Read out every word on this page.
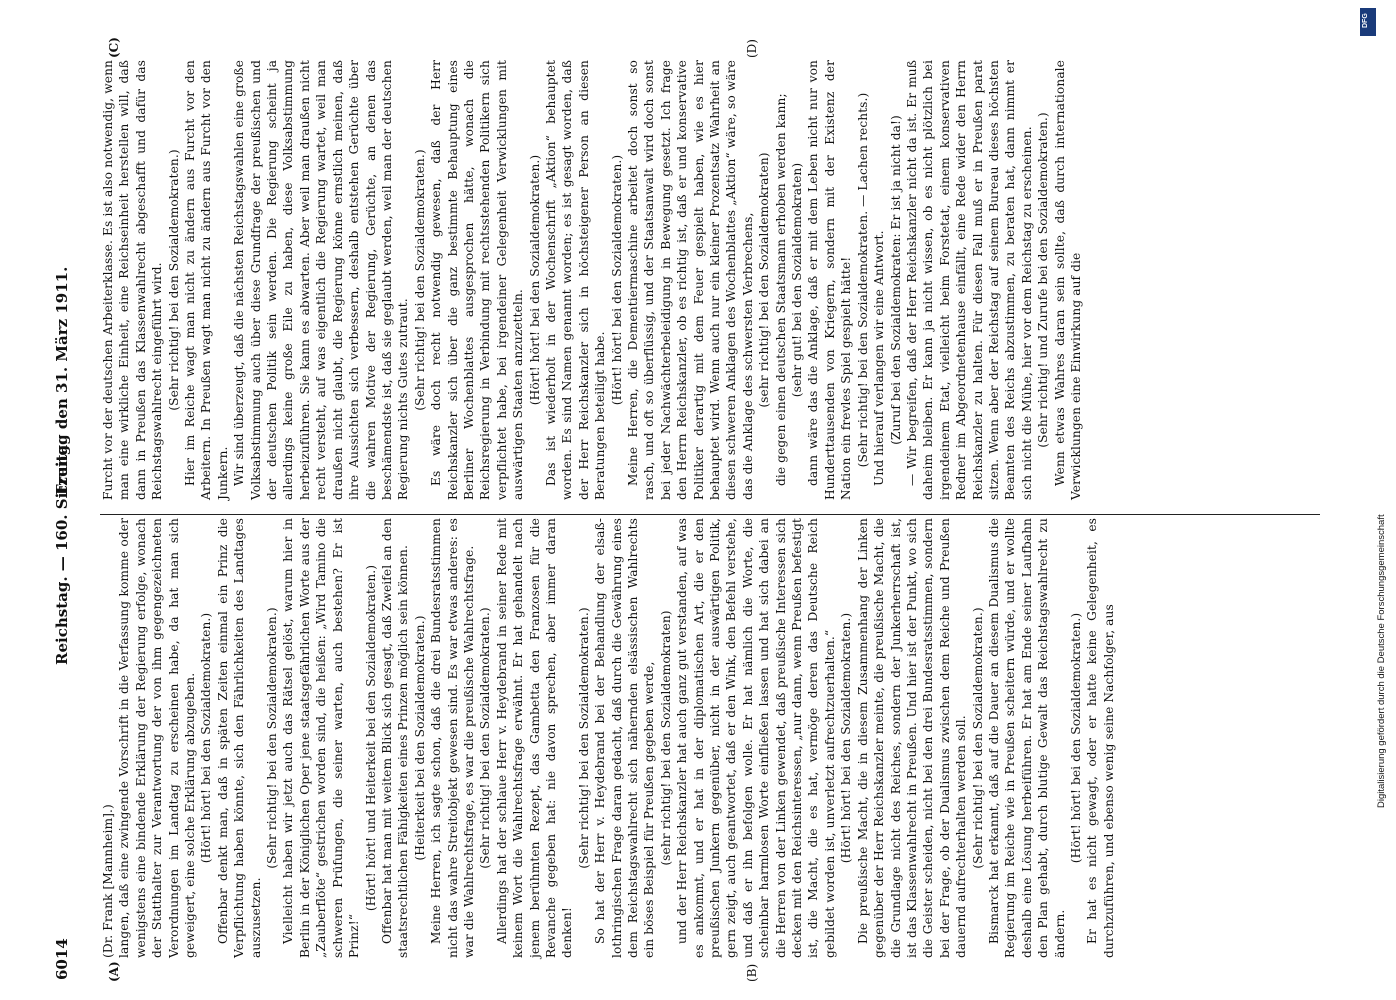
6014
Reichstag. — 160. Sitzung.
Freitag den 31. März 1911.
(A)	(B)
(C)	(D)

(Dr. Frank [Mannheim].) langen, daß eine zwingende Vorschrift in die Verfassung komme oder wenigstens eine bindende Erklärung der Regierung erfolge, wonach der Statthalter zur Verantwortung der von ihm gegengezeichneten Verordnungen im Landtag zu erscheinen habe, da hat man sich geweigert, eine solche Erklärung abzugeben. (Hört! hört! bei den Sozialdemokraten.) Offenbar denkt man, daß in späten Zeiten einmal ein Prinz die Verpflichtung haben könnte, sich den Fährlichkeiten des Landtages auszusetzen.

(Sehr richtig! bei den Sozialdemokraten.) Vielleicht haben wir jetzt auch das Rätsel gelöst, warum hier in Berlin in der Königlichen Oper jene staatsgefährlichen Worte aus der „Zauberflöte“ gestrichen worden sind, die heißen: „Wird Tamino die schweren Prüfungen, die seiner warten, auch bestehen? Er ist Prinz!“

(Hört! hört! und Heiterkeit bei den Sozialdemokraten.) Offenbar hat man mit weitem Blick sich gesagt, daß Zweifel an den staatsrechtlichen Fähigkeiten eines Prinzen möglich sein können. (Heiterkeit bei den Sozialdemokraten.) Meine Herren, ich sagte schon, daß die drei Bundesratsstimmen nicht das wahre Streitobjekt gewesen sind. Es war etwas anderes: es war die Wahlrechtsfrage, es war die preußische Wahlrechtsfrage. (Sehr richtig! bei den Sozialdemokraten.) Allerdings hat der schlaue Herr v. Heydebrand in seiner Rede mit keinem Wort die Wahlrechtsfrage erwähnt. Er hat gehandelt nach jenem berühmten Rezept, das Gambetta den Franzosen für die Revanche gegeben hat: nie davon sprechen, aber immer daran denken!

(Sehr richtig! bei den Sozialdemokraten.) So hat der Herr v. Heydebrand bei der Behandlung der elsaß-lothringischen Frage daran gedacht, daß durch die Gewährung eines dem Reichstagswahlrecht sich nähernden elsässischen Wahlrechts ein böses Beispiel für Preußen gegeben werde, (sehr richtig! bei den Sozialdemokraten) und der Herr Reichskanzler hat auch ganz gut verstanden, auf was es ankommt, und er hat in der diplomatischen Art, die er den preußischen Junkern gegenüber, nicht in der auswärtigen Politik, gern zeigt, auch geantwortet, daß er den Wink, den Befehl verstehe, und daß er ihn befolgen wolle. Er hat nämlich die Worte, die scheinbar harmlosen Worte einfließen lassen und hat sich dabei an die Herren von der Linken gewendet, daß preußische Interessen sich decken mit den Reichsinteressen, „nur dann, wenn Preußen befestigt ist, die Macht, die es hat, vermöge deren das Deutsche Reich gebildet worden ist, unverletzt aufrechtzuerhalten.“ (Hört! hört! bei den Sozialdemokraten.) Die preußische Macht, die in diesem Zusammenhang der Linken gegenüber der Herr Reichskanzler meinte, die preußische Macht, die die Grundlage nicht des Reiches, sondern der Junkerherrschaft ist, ist das Klassenwahlrecht in Preußen. Und hier ist der Punkt, wo sich die Geister scheiden, nicht bei den drei Bundesratsstimmen, sondern bei der Frage, ob der Dualismus zwischen dem Reiche und Preußen dauernd aufrechterhalten werden soll. (Sehr richtig! bei den Sozialdemokraten.) Bismarck hat erkannt, daß auf die Dauer an diesem Dualismus die Regierung im Reiche wie in Preußen scheitern würde, und er wollte deshalb eine Lösung herbeiführen. Er hat am Ende seiner Laufbahn den Plan gehabt, durch blutige Gewalt das Reichstagswahlrecht zu ändern.

(Hört! hört! bei den Sozialdemokraten.) Er hat es nicht gewagt, oder er hatte keine Gelegenheit, es durchzuführen, und ebenso wenig seine Nachfolger, aus

Furcht vor der deutschen Arbeiterklasse. Es ist also notwendig, wenn man eine wirkliche Einheit, eine Reichseinheit herstellen will, daß dann in Preußen das Klassenwahlrecht abgeschafft und dafür das Reichstagswahlrecht eingeführt wird. (Sehr richtig! bei den Sozialdemokraten.) Hier im Reiche wagt man nicht zu ändern aus Furcht vor den Arbeitern. In Preußen wagt man nicht zu ändern aus Furcht vor den Junkern. Wir sind überzeugt, daß die nächsten Reichstagswahlen eine große Volksabstimmung auch über diese Grundfrage der preußischen und der deutschen Politik sein werden. Die Regierung scheint ja allerdings keine große Eile zu haben, diese Volksabstimmung herbeizuführen. Sie kann es abwarten. Aber weil man draußen nicht recht versteht, auf was eigentlich die Regierung wartet, weil man draußen nicht glaubt, die Regierung könne ernstlich meinen, daß ihre Aussichten sich verbessern, deshalb entstehen Gerüchte über die wahren Motive der Regierung, Gerüchte, an denen das beschämendste ist, daß sie geglaubt werden, weil man der deutschen Regierung nichts Gutes zutraut. (Sehr richtig! bei den Sozialdemokraten.) Es wäre doch recht notwendig gewesen, daß der Herr Reichskanzler sich über die ganz bestimmte Behauptung eines Berliner Wochenblattes ausgesprochen hätte, wonach die Reichsregierung in Verbindung mit rechtsstehenden Politikern sich verpflichtet habe, bei irgendeiner Gelegenheit Verwicklungen mit auswärtigen Staaten anzuzetteln. (Hört! hört! bei den Sozialdemokraten.) Das ist wiederholt in der Wochenschrift „Aktion“ behauptet worden. Es sind Namen genannt worden; es ist gesagt worden, daß der Herr Reichskanzler sich in höchsteigener Person an diesen Beratungen beteiligt habe.

(Hört! hört! bei den Sozialdemokraten.) Meine Herren, die Dementiermaschine arbeitet doch sonst so rasch, und oft so überflüssig, und der Staatsanwalt wird doch sonst bei jeder Nachwächterbeleidigung in Bewegung gesetzt. Ich frage den Herrn Reichskanzler, ob es richtig ist, daß er und konservative Politiker derartig mit dem Feuer gespielt haben, wie es hier behauptet wird. Wenn auch nur ein kleiner Prozentsatz Wahrheit an diesen schweren Anklagen des Wochenblattes „Aktion“ wäre, so wäre das die Anklage des schwersten Verbrechens, (sehr richtig! bei den Sozialdemokraten) die gegen einen deutschen Staatsmann erhoben werden kann; (sehr gut! bei den Sozialdemokraten) dann wäre das die Anklage, daß er mit dem Leben nicht nur von Hunderttausenden von Kriegern, sondern mit der Existenz der Nation ein frevles Spiel gespielt hätte! (Sehr richtig! bei den Sozialdemokraten. — Lachen rechts.) Und hierauf verlangen wir eine Antwort. (Zuruf bei den Sozialdemokraten: Er ist ja nicht da!) — Wir begreifen, daß der Herr Reichskanzler nicht da ist. Er muß daheim bleiben. Er kann ja nicht wissen, ob es nicht plötzlich bei irgendeinem Etat, vielleicht beim Forstetat, einem konservativen Redner im Abgeordnetenhause einfällt, eine Rede wider den Herrn Reichskanzler zu halten. Für diesen Fall muß er in Preußen parat sitzen. Wenn aber der Reichstag auf seinem Bureau dieses höchsten Beamten des Reichs abzustimmen, zu beraten hat, dann nimmt er sich nicht die Mühe, hier vor dem Reichstag zu erscheinen. (Sehr richtig! und Zurufe bei den Sozialdemokraten.) Wenn etwas Wahres daran sein sollte, daß durch internationale Verwicklungen eine Einwirkung auf die

DFG
Digitalisierung gefördert durch die Deutsche Forschungsgemeinschaft
